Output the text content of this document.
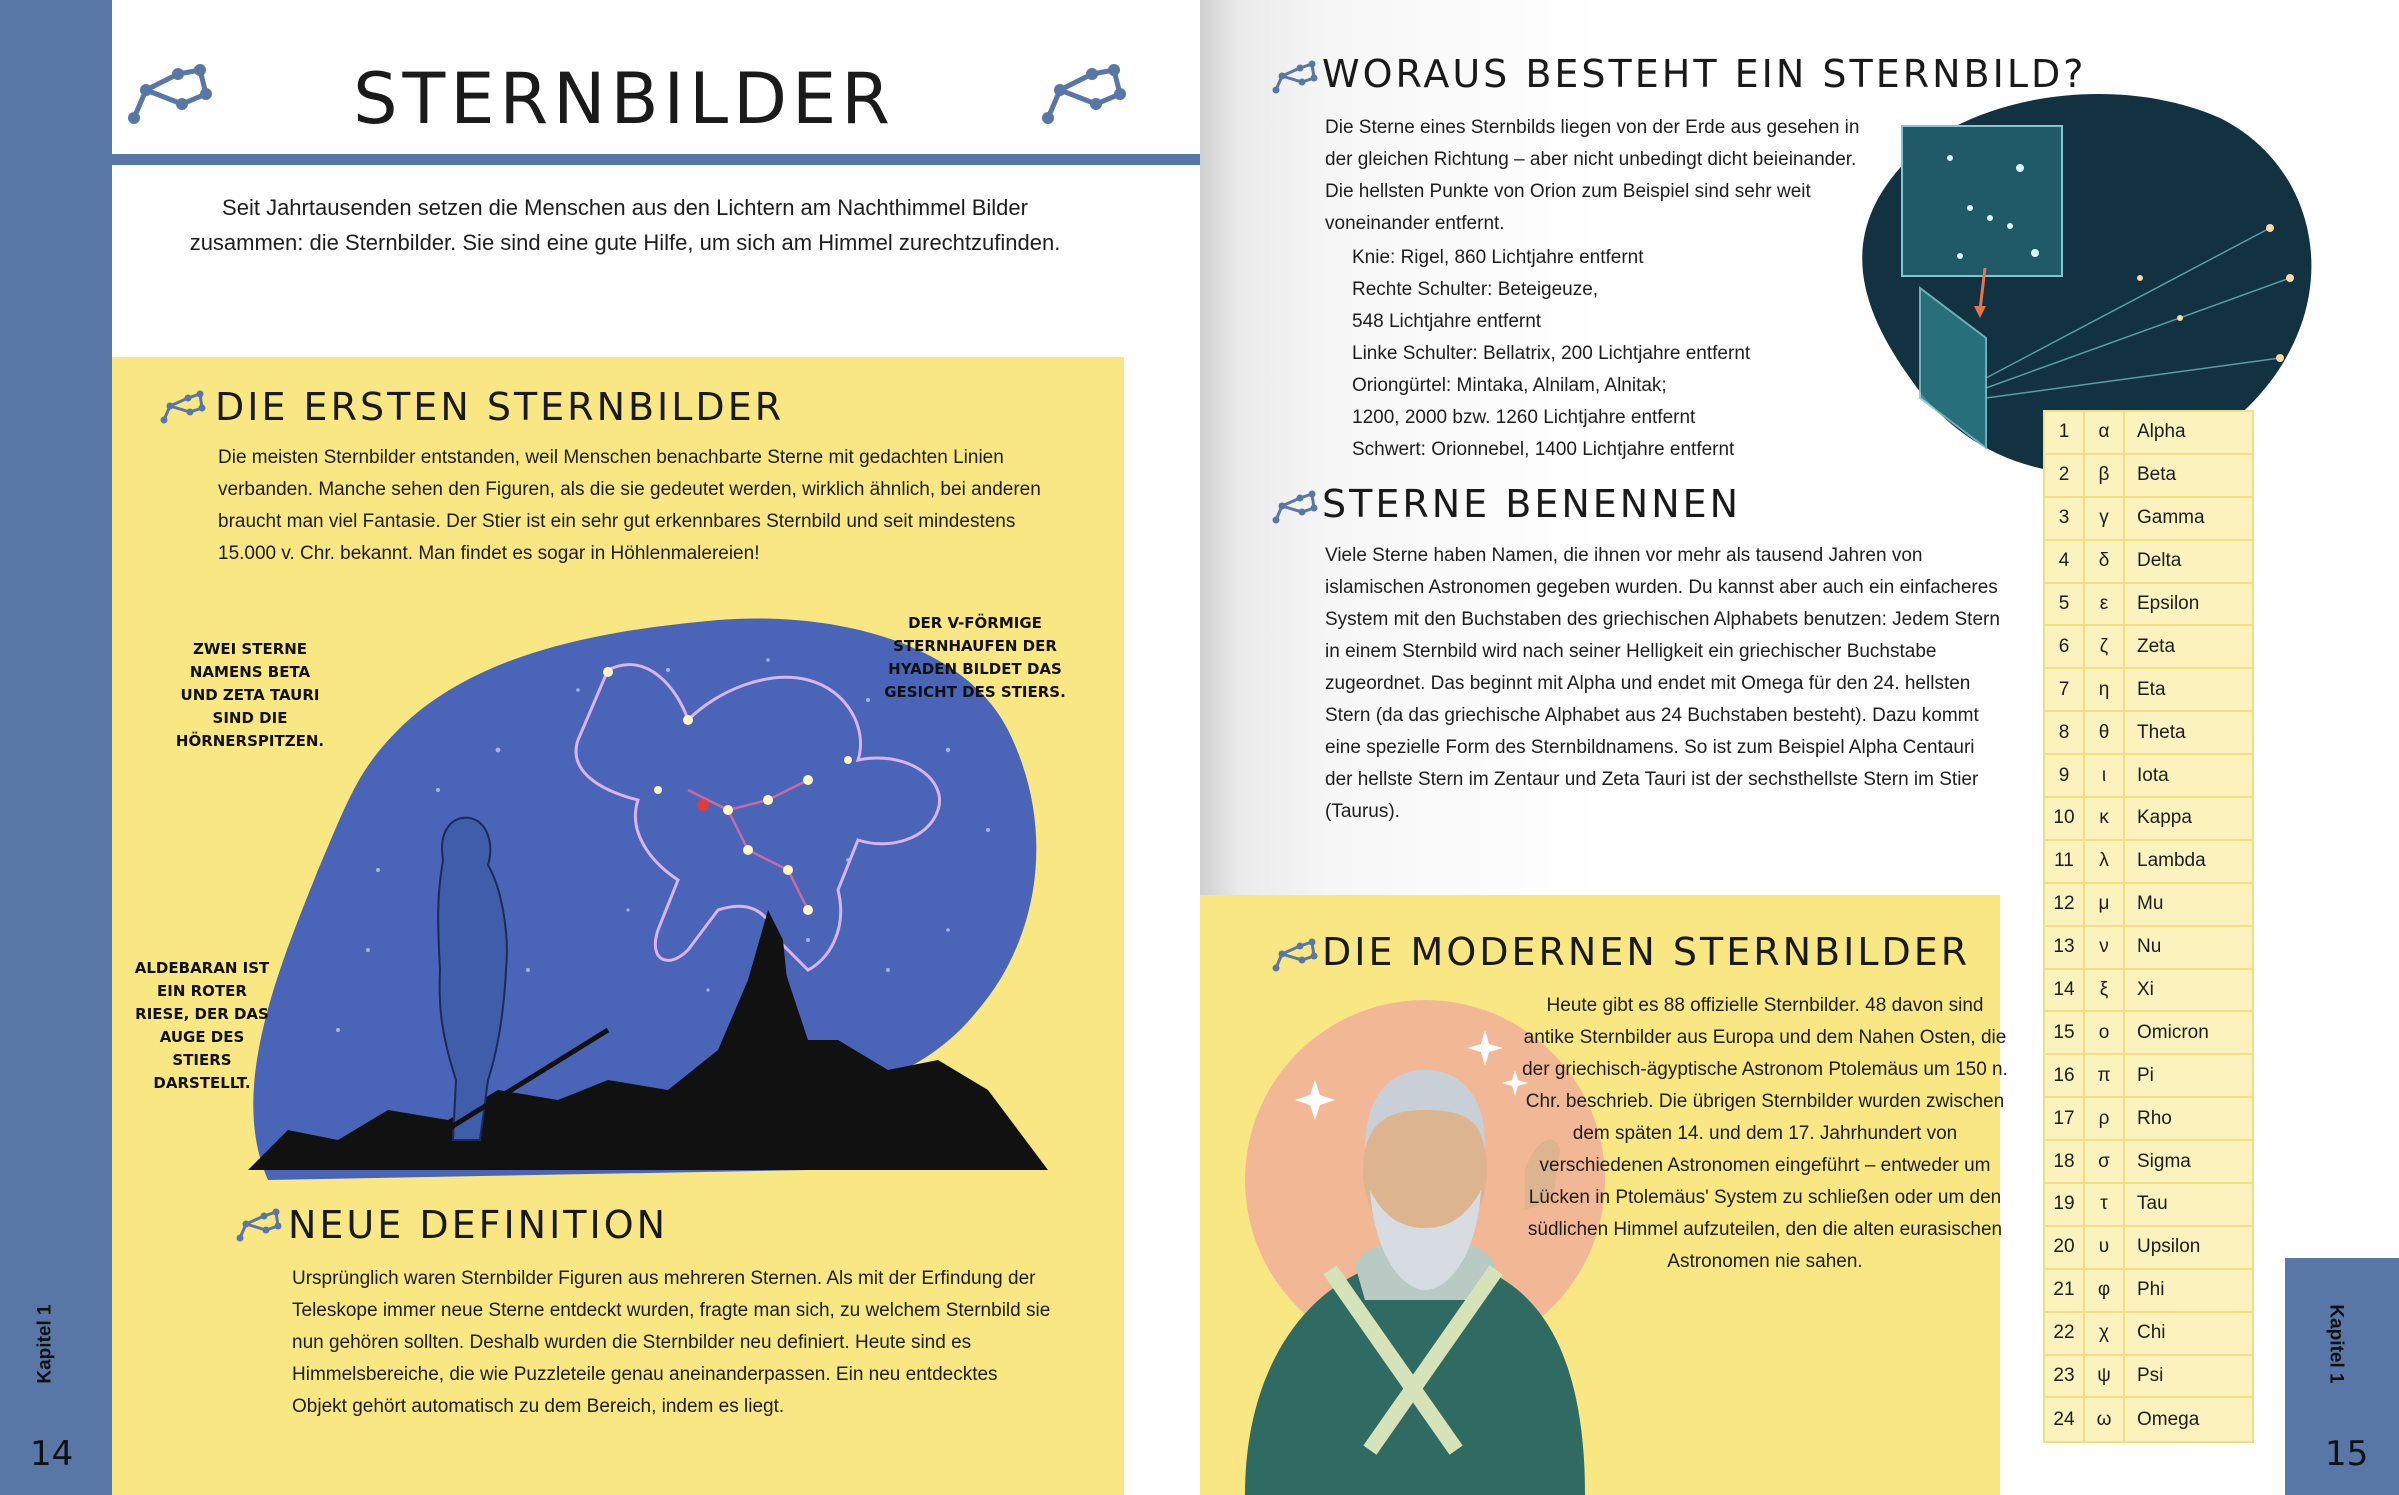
STERNBILDER

Seit Jahrtausenden setzen die Menschen aus den Lichtern am Nachthimmel Bilder zusammen: die Sternbilder. Sie sind eine gute Hilfe, um sich am Himmel zurechtzufinden.

DIE ERSTEN STERNBILDER

Die meisten Sternbilder entstanden, weil Menschen benachbarte Sterne mit gedachten Linien verbanden. Manche sehen den Figuren, als die sie gedeutet werden, wirklich ähnlich, bei anderen braucht man viel Fantasie. Der Stier ist ein sehr gut erkennbares Sternbild und seit mindestens 15.000 v. Chr. bekannt. Man findet es sogar in Höhlenmalereien!

ZWEI STERNE NAMENS BETA UND ZETA TAURI SIND DIE HÖRNERSPITZEN.

DER V-FÖRMIGE STERNHAUFEN DER HYADEN BILDET DAS GESICHT DES STIERS.

ALDEBARAN IST EIN ROTER RIESE, DER DAS AUGE DES STIERS DARSTELLT.

NEUE DEFINITION

Ursprünglich waren Sternbilder Figuren aus mehreren Sternen. Als mit der Erfindung der Teleskope immer neue Sterne entdeckt wurden, fragte man sich, zu welchem Sternbild sie nun gehören sollten. Deshalb wurden die Sternbilder neu definiert. Heute sind es Himmelsbereiche, die wie Puzzleteile genau aneinanderpassen. Ein neu entdecktes Objekt gehört automatisch zu dem Bereich, indem es liegt.

Kapitel 1
14
WORAUS BESTEHT EIN STERNBILD?

Die Sterne eines Sternbilds liegen von der Erde aus gesehen in der gleichen Richtung – aber nicht unbedingt dicht beieinander. Die hellsten Punkte von Orion zum Beispiel sind sehr weit voneinander entfernt.

Knie: Rigel, 860 Lichtjahre entfernt
Rechte Schulter: Beteigeuze,
548 Lichtjahre entfernt
Linke Schulter: Bellatrix, 200 Lichtjahre entfernt
Oriongürtel: Mintaka, Alnilam, Alnitak;
1200, 2000 bzw. 1260 Lichtjahre entfernt
Schwert: Orionnebel, 1400 Lichtjahre entfernt
STERNE BENENNEN

Viele Sterne haben Namen, die ihnen vor mehr als tausend Jahren von islamischen Astronomen gegeben wurden. Du kannst aber auch ein einfacheres System mit den Buchstaben des griechischen Alphabets benutzen: Jedem Stern in einem Sternbild wird nach seiner Helligkeit ein griechischer Buchstabe zugeordnet. Das beginnt mit Alpha und endet mit Omega für den 24. hellsten Stern (da das griechische Alphabet aus 24 Buchstaben besteht). Dazu kommt eine spezielle Form des Sternbildnamens. So ist zum Beispiel Alpha Centauri der hellste Stern im Zentaur und Zeta Tauri ist der sechsthellste Stern im Stier (Taurus).

DIE MODERNEN STERNBILDER

Heute gibt es 88 offizielle Sternbilder. 48 davon sind antike Sternbilder aus Europa und dem Nahen Osten, die der griechisch-ägyptische Astronom Ptolemäus um 150 n. Chr. beschrieb. Die übrigen Sternbilder wurden zwischen dem späten 14. und dem 17. Jahrhundert von verschiedenen Astronomen eingeführt – entweder um Lücken in Ptolemäus' System zu schließen oder um den südlichen Himmel aufzuteilen, den die alten eurasischen Astronomen nie sahen.

1	α	Alpha
2	β	Beta
3	γ	Gamma
4	δ	Delta
5	ε	Epsilon
6	ζ	Zeta
7	η	Eta
8	θ	Theta
9	ι	Iota
10	κ	Kappa
11	λ	Lambda
12	μ	Mu
13	ν	Nu
14	ξ	Xi
15	ο	Omicron
16	π	Pi
17	ρ	Rho
18	σ	Sigma
19	τ	Tau
20	υ	Upsilon
21	φ	Phi
22	χ	Chi
23	ψ	Psi
24	ω	Omega
Kapitel 1
15
